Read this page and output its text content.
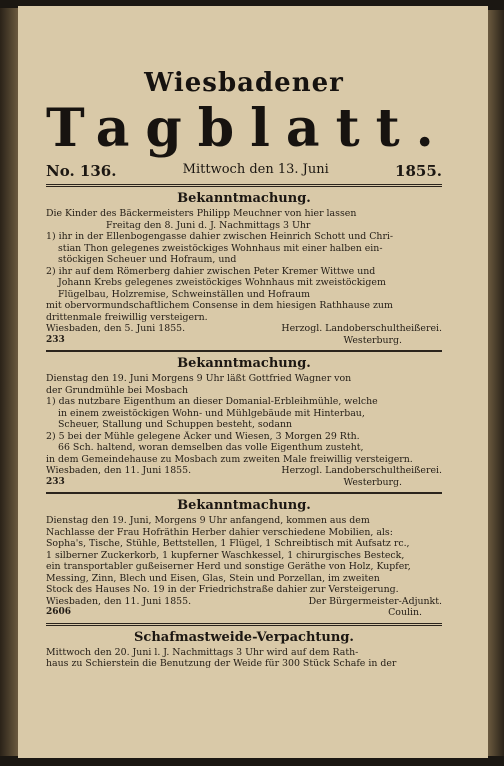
Wiesbadener
Tagblatt.
No. 136.	Mittwoch den 13. Juni	1855.
Bekanntmachung.
Die Kinder des Bäckermeisters Philipp Meuchner von hier lassen
Freitag den 8. Juni d. J. Nachmittags 3 Uhr
1) ihr in der Ellenbogengasse dahier zwischen Heinrich Schott und Chri-
stian Thon gelegenes zweistöckiges Wohnhaus mit einer halben ein-
stöckigen Scheuer und Hofraum, und
2) ihr auf dem Römerberg dahier zwischen Peter Kremer Wittwe und
Johann Krebs gelegenes zweistöckiges Wohnhaus mit zweistöckigem
Flügelbau, Holzremise, Schweinställen und Hofraum
mit obervormundschaftlichem Consense in dem hiesigen Rathhause zum
drittenmale freiwillig versteigern.
Wiesbaden, den 5. Juni 1855.	Herzogl. Landoberschultheißerei.
233	Westerburg.
Bekanntmachung.
Dienstag den 19. Juni Morgens 9 Uhr läßt Gottfried Wagner von
der Grundmühle bei Mosbach
1) das nutzbare Eigenthum an dieser Domanial-Erbleihmühle, welche
in einem zweistöckigen Wohn- und Mühlgebäude mit Hinterbau,
Scheuer, Stallung und Schuppen besteht, sodann
2) 5 bei der Mühle gelegene Äcker und Wiesen, 3 Morgen 29 Rth.
66 Sch. haltend, woran demselben das volle Eigenthum zusteht,
in dem Gemeindehause zu Mosbach zum zweiten Male freiwillig versteigern.
Wiesbaden, den 11. Juni 1855.	Herzogl. Landoberschultheißerei.
233	Westerburg.
Bekanntmachung.
Dienstag den 19. Juni, Morgens 9 Uhr anfangend, kommen aus dem
Nachlasse der Frau Hofräthin Herber dahier verschiedene Mobilien, als:
Sopha's, Tische, Stühle, Bettstellen, 1 Flügel, 1 Schreibtisch mit Aufsatz rc.,
1 silberner Zuckerkorb, 1 kupferner Waschkessel, 1 chirurgisches Besteck,
ein transportabler gußeiserner Herd und sonstige Geräthe von Holz, Kupfer,
Messing, Zinn, Blech und Eisen, Glas, Stein und Porzellan, im zweiten
Stock des Hauses No. 19 in der Friedrichstraße dahier zur Versteigerung.
Wiesbaden, den 11. Juni 1855.	Der Bürgermeister-Adjunkt.
2606	Coulin.
Schafmastweide-Verpachtung.
Mittwoch den 20. Juni l. J. Nachmittags 3 Uhr wird auf dem Rath-
haus zu Schierstein die Benutzung der Weide für 300 Stück Schafe in der
